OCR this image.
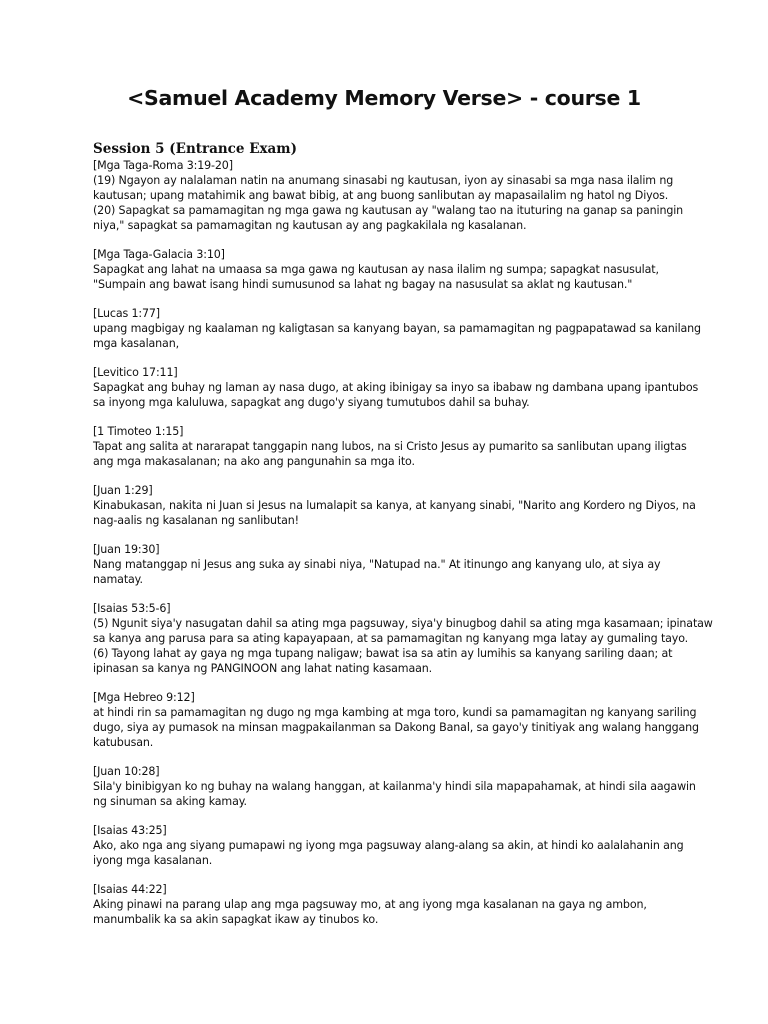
<Samuel Academy Memory Verse> - course 1
Session 5 (Entrance Exam)
[Mga Taga-Roma 3:19-20]
(19) Ngayon ay nalalaman natin na anumang sinasabi ng kautusan, iyon ay sinasabi sa mga nasa ilalim ng
kautusan; upang matahimik ang bawat bibig, at ang buong sanlibutan ay mapasailalim ng hatol ng Diyos.
(20) Sapagkat sa pamamagitan ng mga gawa ng kautusan ay "walang tao na ituturing na ganap sa paningin
niya," sapagkat sa pamamagitan ng kautusan ay ang pagkakilala ng kasalanan.
[Mga Taga-Galacia 3:10]
Sapagkat ang lahat na umaasa sa mga gawa ng kautusan ay nasa ilalim ng sumpa; sapagkat nasusulat,
"Sumpain ang bawat isang hindi sumusunod sa lahat ng bagay na nasusulat sa aklat ng kautusan."
[Lucas 1:77]
upang magbigay ng kaalaman ng kaligtasan sa kanyang bayan, sa pamamagitan ng pagpapatawad sa kanilang
mga kasalanan,
[Levitico 17:11]
Sapagkat ang buhay ng laman ay nasa dugo, at aking ibinigay sa inyo sa ibabaw ng dambana upang ipantubos
sa inyong mga kaluluwa, sapagkat ang dugo'y siyang tumutubos dahil sa buhay.
[1 Timoteo 1:15]
Tapat ang salita at nararapat tanggapin nang lubos, na si Cristo Jesus ay pumarito sa sanlibutan upang iligtas
ang mga makasalanan; na ako ang pangunahin sa mga ito.
[Juan 1:29]
Kinabukasan, nakita ni Juan si Jesus na lumalapit sa kanya, at kanyang sinabi, "Narito ang Kordero ng Diyos, na
nag-aalis ng kasalanan ng sanlibutan!
[Juan 19:30]
Nang matanggap ni Jesus ang suka ay sinabi niya, "Natupad na." At itinungo ang kanyang ulo, at siya ay
namatay.
[Isaias 53:5-6]
(5) Ngunit siya'y nasugatan dahil sa ating mga pagsuway, siya'y binugbog dahil sa ating mga kasamaan; ipinataw
sa kanya ang parusa para sa ating kapayapaan, at sa pamamagitan ng kanyang mga latay ay gumaling tayo.
(6) Tayong lahat ay gaya ng mga tupang naligaw; bawat isa sa atin ay lumihis sa kanyang sariling daan; at
ipinasan sa kanya ng PANGINOON ang lahat nating kasamaan.
[Mga Hebreo 9:12]
at hindi rin sa pamamagitan ng dugo ng mga kambing at mga toro, kundi sa pamamagitan ng kanyang sariling
dugo, siya ay pumasok na minsan magpakailanman sa Dakong Banal, sa gayo'y tinitiyak ang walang hanggang
katubusan.
[Juan 10:28]
Sila'y binibigyan ko ng buhay na walang hanggan, at kailanma'y hindi sila mapapahamak, at hindi sila aagawin
ng sinuman sa aking kamay.
[Isaias 43:25]
Ako, ako nga ang siyang pumapawi ng iyong mga pagsuway alang-alang sa akin, at hindi ko aalalahanin ang
iyong mga kasalanan.
[Isaias 44:22]
Aking pinawi na parang ulap ang mga pagsuway mo, at ang iyong mga kasalanan na gaya ng ambon,
manumbalik ka sa akin sapagkat ikaw ay tinubos ko.
